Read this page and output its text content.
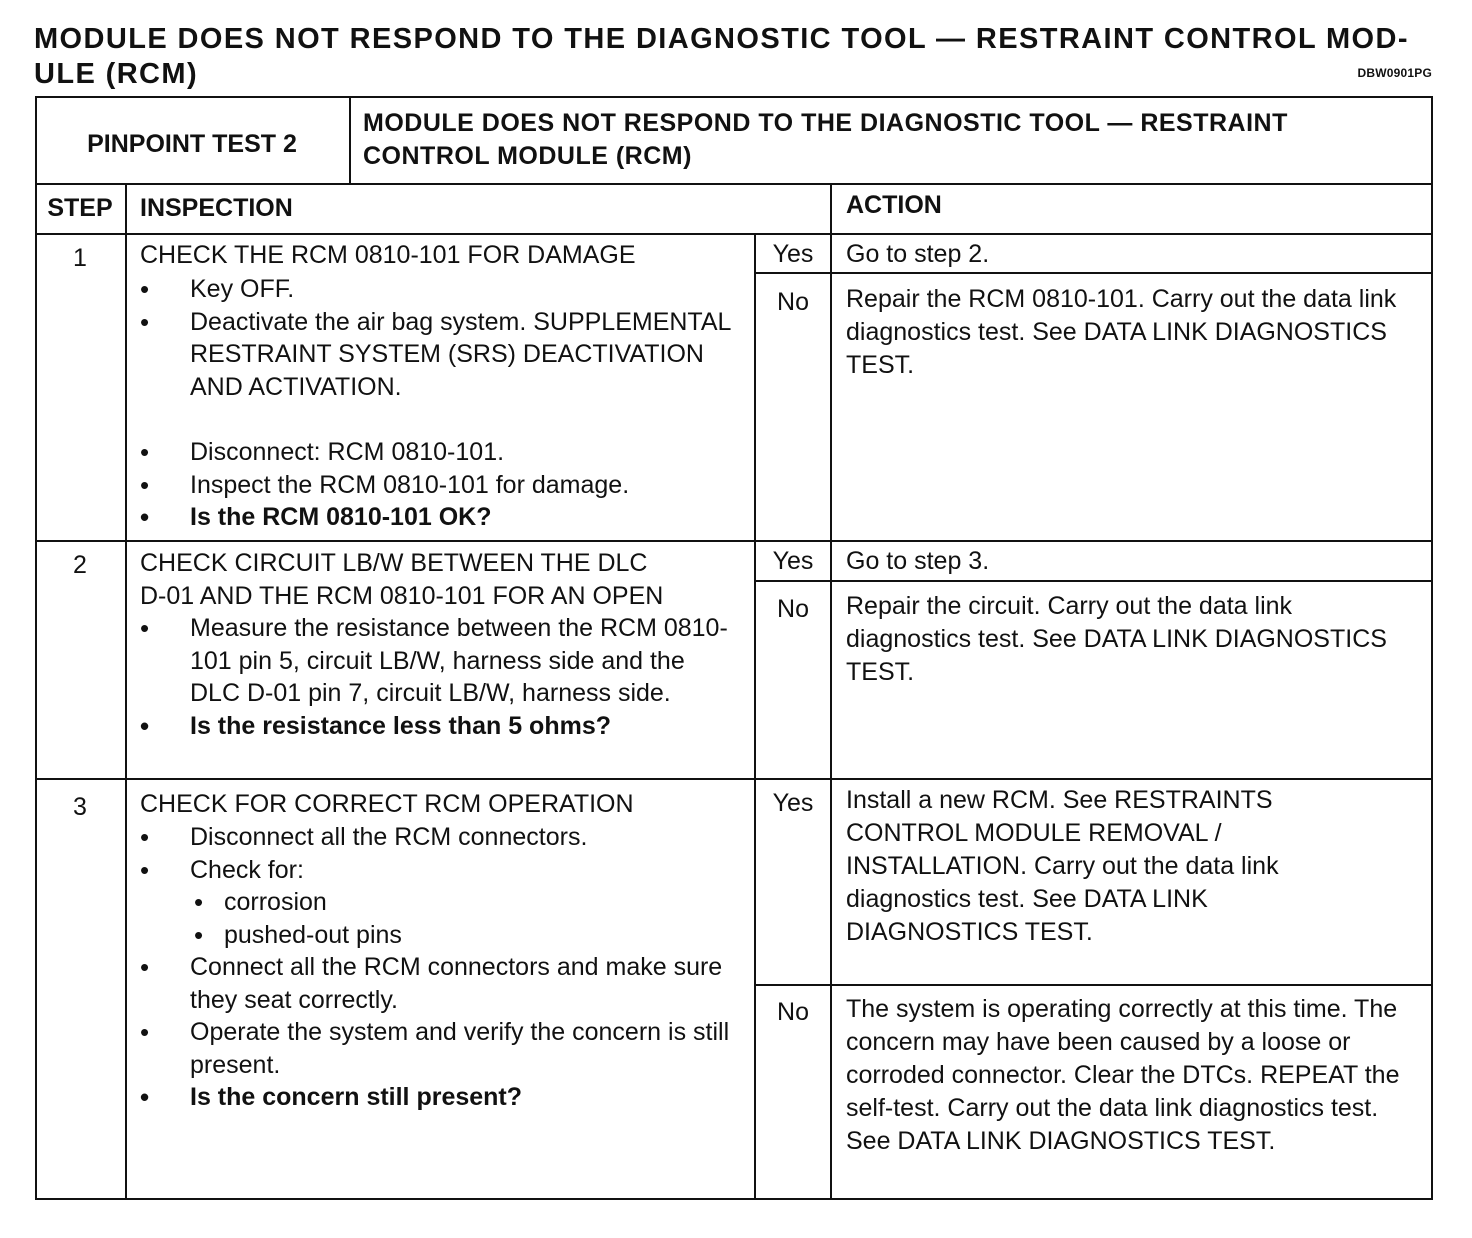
MODULE DOES NOT RESPOND TO THE DIAGNOSTIC TOOL — RESTRAINT CONTROL MOD-
ULE (RCM)	DBW0901PG
PINPOINT TEST 2
MODULE DOES NOT RESPOND TO THE DIAGNOSTIC TOOL — RESTRAINT
CONTROL MODULE (RCM)
STEP	INSPECTION	ACTION
1	CHECK THE RCM 0810-101 FOR DAMAGE
• Key OFF.
• Deactivate the air bag system. SUPPLEMENTAL RESTRAINT SYSTEM (SRS) DEACTIVATION AND ACTIVATION.
• Disconnect: RCM 0810-101.
• Inspect the RCM 0810-101 for damage.
• Is the RCM 0810-101 OK?
Yes	Go to step 2.
No	Repair the RCM 0810-101. Carry out the data link diagnostics test. See DATA LINK DIAGNOSTICS TEST.
2	CHECK CIRCUIT LB/W BETWEEN THE DLC
D-01 AND THE RCM 0810-101 FOR AN OPEN
• Measure the resistance between the RCM 0810-101 pin 5, circuit LB/W, harness side and the DLC D-01 pin 7, circuit LB/W, harness side.
• Is the resistance less than 5 ohms?
Yes	Go to step 3.
No	Repair the circuit. Carry out the data link diagnostics test. See DATA LINK DIAGNOSTICS TEST.
3	CHECK FOR CORRECT RCM OPERATION
• Disconnect all the RCM connectors.
• Check for:
• corrosion
• pushed-out pins
• Connect all the RCM connectors and make sure they seat correctly.
• Operate the system and verify the concern is still present.
• Is the concern still present?
Yes	Install a new RCM. See RESTRAINTS CONTROL MODULE REMOVAL / INSTALLATION. Carry out the data link diagnostics test. See DATA LINK DIAGNOSTICS TEST.
No	The system is operating correctly at this time. The concern may have been caused by a loose or corroded connector. Clear the DTCs. REPEAT the self-test. Carry out the data link diagnostics test. See DATA LINK DIAGNOSTICS TEST.
